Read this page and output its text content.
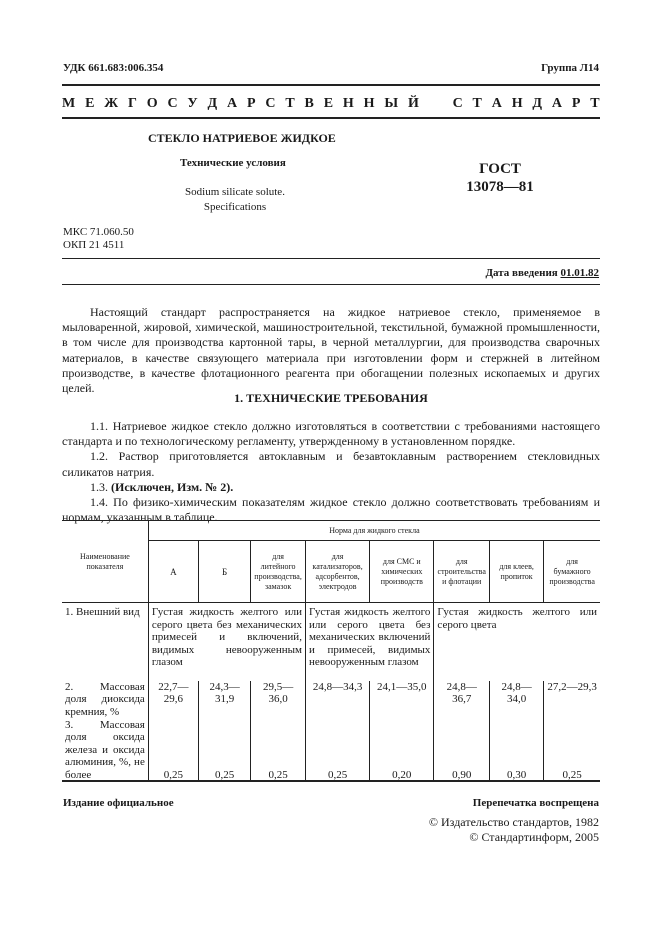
УДК 661.683:006.354	Группа Л14
М Е Ж Г О С У Д А Р С Т В Е Н Н Ы Й С Т А Н Д А Р Т
СТЕКЛО НАТРИЕВОЕ ЖИДКОЕ
Технические условия
Sodium silicate solute.
Specifications
ГОСТ
13078—81
МКС 71.060.50
ОКП 21 4511
Дата введения 01.01.82

Настоящий стандарт распространяется на жидкое натриевое стекло, применяемое в мыловаренной, жировой, химической, машиностроительной, текстильной, бумажной промышленности, в том числе для производства картонной тары, в черной металлургии, для производства сварочных материалов, в качестве связующего материала при изготовлении форм и стержней в литейном производстве, в качестве флотационного реагента при обогащении полезных ископаемых и других целей.

1. ТЕХНИЧЕСКИЕ ТРЕБОВАНИЯ

1.1. Натриевое жидкое стекло должно изготовляться в соответствии с требованиями настоящего стандарта и по технологическому регламенту, утвержденному в установленном порядке.

1.2. Раствор приготовляется автоклавным и безавтоклавным растворением стекловидных силикатов натрия.

1.3. (Исключен, Изм. № 2).

1.4. По физико-химическим показателям жидкое стекло должно соответствовать требованиям и нормам, указанным в таблице.

Наименование показателя	Норма для жидкого стекла							
	А	Б	для литейного производства, замазок	для катализаторов, адсорбентов, электродов	для СМС и химических производств	для строительства и флотации	для клеев, пропиток	для бумажного производства
1. Внешний вид	Густая жидкость желтого или серого цвета без механических примесей и включений, видимых невооруженным глазом			Густая жидкость желтого или серого цвета без механических включений и примесей, видимых невооруженным глазом		Густая жидкость желтого или серого цвета		
2. Массовая доля диоксида кремния, %	22,7—29,6	24,3—31,9	29,5—36,0	24,8—34,3	24,1—35,0	24,8—36,7	24,8—34,0	27,2—29,3
3. Массовая доля оксида железа и оксида алюминия, %, не более	0,25	0,25	0,25	0,25	0,20	0,90	0,30	0,25
Издание официальное	Перепечатка воспрещена
© Издательство стандартов, 1982
© Стандартинформ, 2005
